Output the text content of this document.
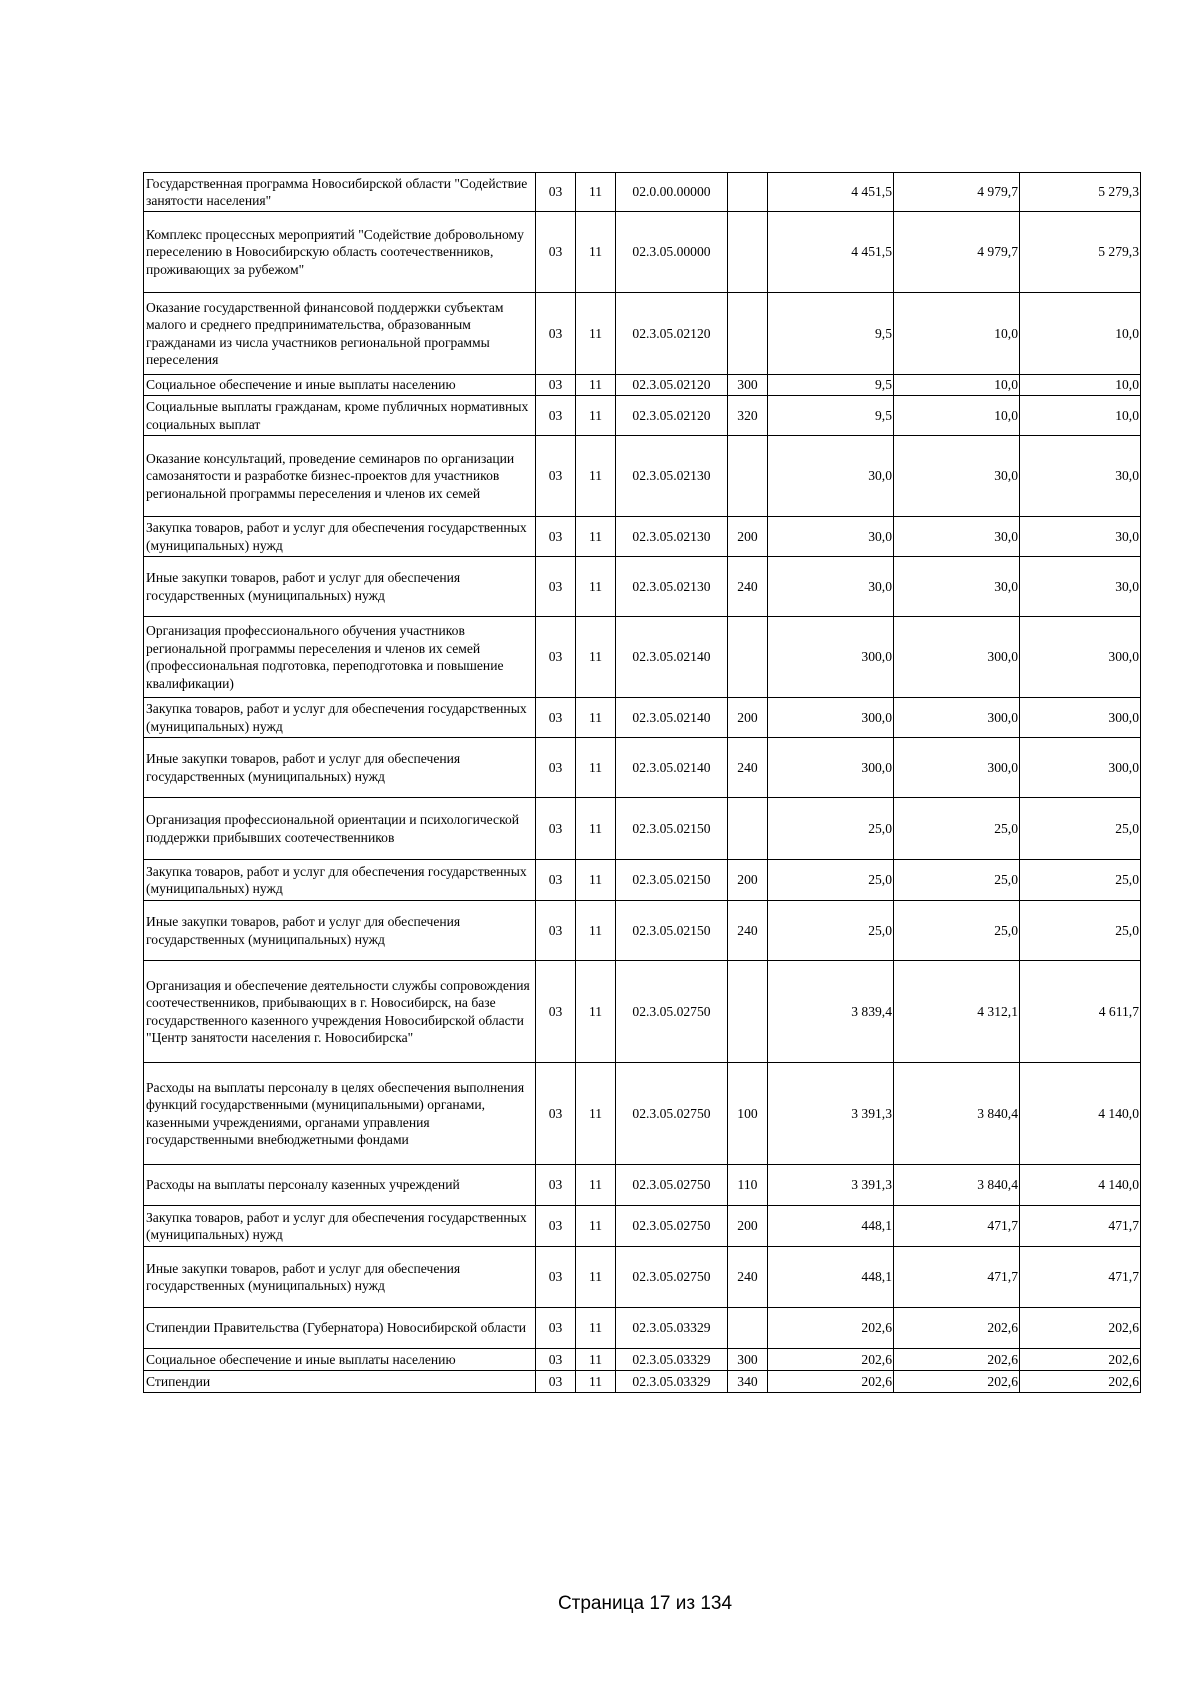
Государственная программа Новосибирской области "Содействие занятости населения"	03	11	02.0.00.00000		4 451,5	4 979,7	5 279,3
Комплекс процессных мероприятий "Содействие добровольному переселению в Новосибирскую область соотечественников, проживающих за рубежом"	03	11	02.3.05.00000		4 451,5	4 979,7	5 279,3
Оказание государственной финансовой поддержки субъектам малого и среднего предпринимательства, образованным гражданами из числа участников региональной программы переселения	03	11	02.3.05.02120		9,5	10,0	10,0
Социальное обеспечение и иные выплаты населению	03	11	02.3.05.02120	300	9,5	10,0	10,0
Социальные выплаты гражданам, кроме публичных нормативных социальных выплат	03	11	02.3.05.02120	320	9,5	10,0	10,0
Оказание консультаций, проведение семинаров по организации самозанятости и разработке бизнес-проектов для участников региональной программы переселения и членов их семей	03	11	02.3.05.02130		30,0	30,0	30,0
Закупка товаров, работ и услуг для обеспечения государственных (муниципальных) нужд	03	11	02.3.05.02130	200	30,0	30,0	30,0
Иные закупки товаров, работ и услуг для обеспечения государственных (муниципальных) нужд	03	11	02.3.05.02130	240	30,0	30,0	30,0
Организация профессионального обучения участников региональной программы переселения и членов их семей (профессиональная подготовка, переподготовка и повышение квалификации)	03	11	02.3.05.02140		300,0	300,0	300,0
Закупка товаров, работ и услуг для обеспечения государственных (муниципальных) нужд	03	11	02.3.05.02140	200	300,0	300,0	300,0
Иные закупки товаров, работ и услуг для обеспечения государственных (муниципальных) нужд	03	11	02.3.05.02140	240	300,0	300,0	300,0
Организация профессиональной ориентации и психологической поддержки прибывших соотечественников	03	11	02.3.05.02150		25,0	25,0	25,0
Закупка товаров, работ и услуг для обеспечения государственных (муниципальных) нужд	03	11	02.3.05.02150	200	25,0	25,0	25,0
Иные закупки товаров, работ и услуг для обеспечения государственных (муниципальных) нужд	03	11	02.3.05.02150	240	25,0	25,0	25,0
Организация и обеспечение деятельности службы сопровождения соотечественников, прибывающих в г. Новосибирск, на базе государственного казенного учреждения Новосибирской области "Центр занятости населения г. Новосибирска"	03	11	02.3.05.02750		3 839,4	4 312,1	4 611,7
Расходы на выплаты персоналу в целях обеспечения выполнения функций государственными (муниципальными) органами, казенными учреждениями, органами управления государственными внебюджетными фондами	03	11	02.3.05.02750	100	3 391,3	3 840,4	4 140,0
Расходы на выплаты персоналу казенных учреждений	03	11	02.3.05.02750	110	3 391,3	3 840,4	4 140,0
Закупка товаров, работ и услуг для обеспечения государственных (муниципальных) нужд	03	11	02.3.05.02750	200	448,1	471,7	471,7
Иные закупки товаров, работ и услуг для обеспечения государственных (муниципальных) нужд	03	11	02.3.05.02750	240	448,1	471,7	471,7
Стипендии Правительства (Губернатора) Новосибирской области	03	11	02.3.05.03329		202,6	202,6	202,6
Социальное обеспечение и иные выплаты населению	03	11	02.3.05.03329	300	202,6	202,6	202,6
Стипендии	03	11	02.3.05.03329	340	202,6	202,6	202,6
Страница 17 из 134
